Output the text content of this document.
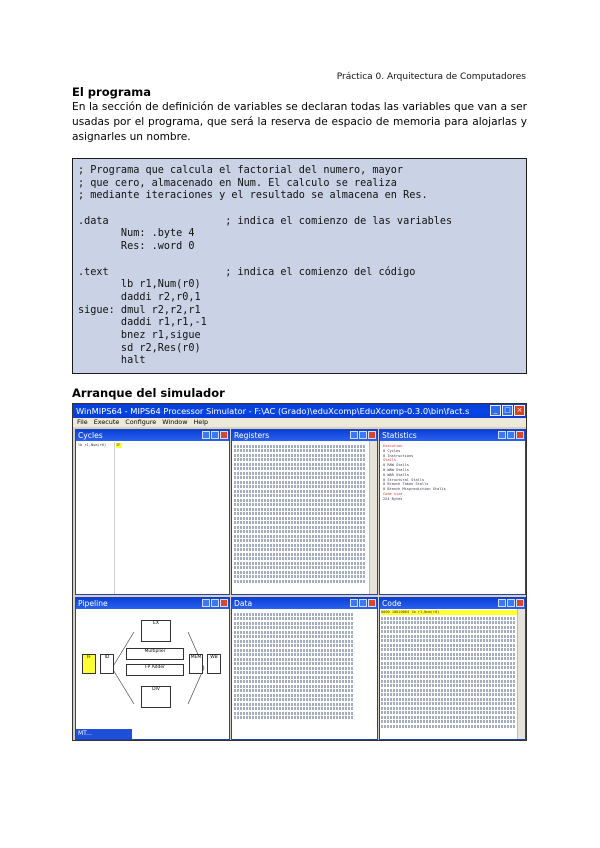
Práctica 0. Arquitectura de Computadores
El programa
En la sección de definición de variables se declaran todas las variables que van a ser usadas por el programa, que será la reserva de espacio de memoria para alojarlas y asignarles un nombre.
; Programa que calcula el factorial del numero, mayor
; que cero, almacenado en Num. El calculo se realiza
; mediante iteraciones y el resultado se almacena en Res.
.data                   ; indica el comienzo de las variables
Num: .byte 4
Res: .word 0
.text                   ; indica el comienzo del código
lb r1,Num(r0)
daddi r2,r0,1
sigue: dmul r2,r2,r1
daddi r1,r1,-1
bnez r1,sigue
sd r2,Res(r0)
halt
Arranque del simulador
WinMIPS64 - MIPS64 Processor Simulator - F:\AC (Grado)\eduXcomp\EduXcomp-0.3.0\bin\fact.s	_ □ ×
File Execute Configure Window Help
Cycles
lb r1,Num(r0)	IF
Registers	Statistics
Execution
0 Cycles
0 Instructions
Stalls
0 RAW Stalls
0 WAW Stalls
0 WAR Stalls
0 Structural Stalls
0 Branch Taken Stalls
0 Branch Misprediction Stalls
Code size
224 Bytes
Pipeline
IF	ID
EX
Multiplier
FP Adder
DIV
MEM	WB
MT...
Data	Code
0000 10010004 lb r1,Num(r0)
